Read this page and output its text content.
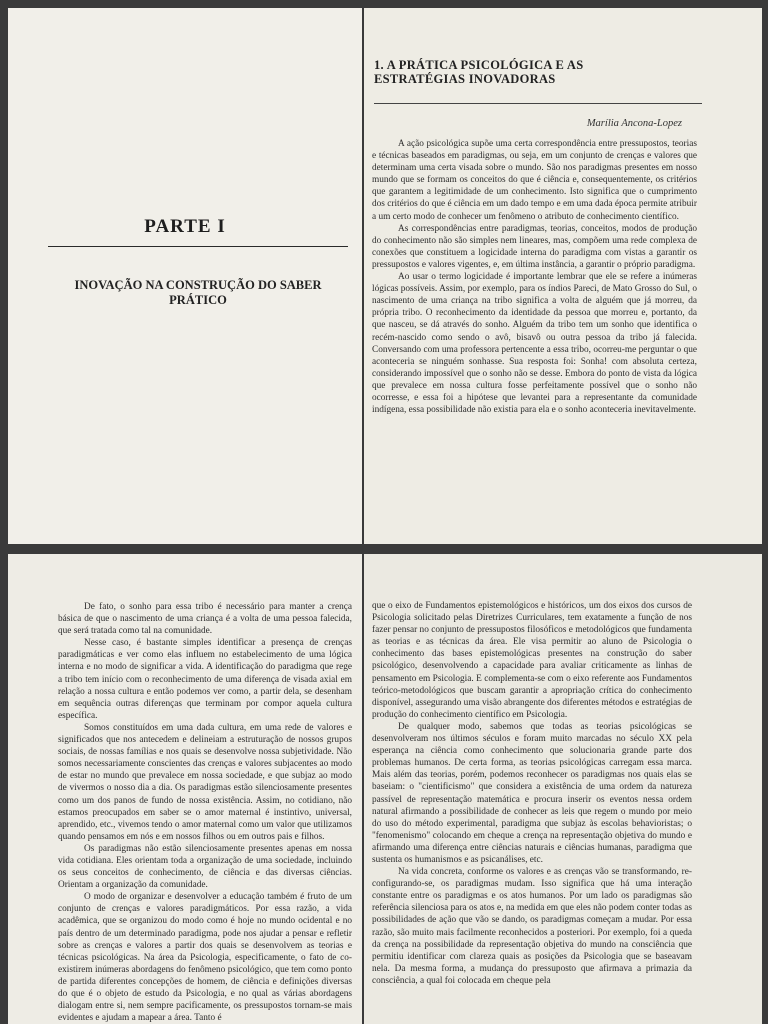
PARTE I
INOVAÇÃO NA CONSTRUÇÃO DO SABER PRÁTICO
1. A PRÁTICA PSICOLÓGICA E AS ESTRATÉGIAS INOVADORAS
Marília Ancona-Lopez

A ação psicológica supõe uma certa correspondência entre pressupostos, teorias e técnicas baseados em paradigmas, ou seja, em um conjunto de crenças e valores que determinam uma certa visada sobre o mundo. São nos paradigmas presentes em nosso mundo que se formam os conceitos do que é ciência e, consequentemente, os critérios que garantem a legitimidade de um conhecimento. Isto significa que o cumprimento dos critérios do que é ciência em um dado tempo e em uma dada época permite atribuir a um certo modo de conhecer um fenômeno o atributo de conhecimento científico.

As correspondências entre paradigmas, teorias, conceitos, modos de produção do conhecimento não são simples nem lineares, mas, compõem uma rede complexa de conexões que constituem a logicidade interna do paradigma com vistas a garantir os pressupostos e valores vigentes, e, em última instância, a garantir o próprio paradigma.

Ao usar o termo logicidade é importante lembrar que ele se refere a inúmeras lógicas possíveis. Assim, por exemplo, para os índios Pareci, de Mato Grosso do Sul, o nascimento de uma criança na tribo significa a volta de alguém que já morreu, da própria tribo. O reconhecimento da identidade da pessoa que morreu e, portanto, da que nasceu, se dá através do sonho. Alguém da tribo tem um sonho que identifica o recém-nascido como sendo o avô, bisavô ou outra pessoa da tribo já falecida. Conversando com uma professora pertencente a essa tribo, ocorreu-me perguntar o que aconteceria se ninguém sonhasse. Sua resposta foi: Sonha! com absoluta certeza, considerando impossível que o sonho não se desse. Embora do ponto de vista da lógica que prevalece em nossa cultura fosse perfeitamente possível que o sonho não ocorresse, e essa foi a hipótese que levantei para a representante da comunidade indígena, essa possibilidade não existia para ela e o sonho aconteceria inevitavelmente.

De fato, o sonho para essa tribo é necessário para manter a crença básica de que o nascimento de uma criança é a volta de uma pessoa falecida, que será tratada como tal na comunidade.

Nesse caso, é bastante simples identificar a presença de crenças paradigmáticas e ver como elas influem no estabelecimento de uma lógica interna e no modo de significar a vida. A identificação do paradigma que rege a tribo tem início com o reconhecimento de uma diferença de visada axial em relação a nossa cultura e então podemos ver como, a partir dela, se desenham em sequência outras diferenças que terminam por compor aquela cultura específica.

Somos constituídos em uma dada cultura, em uma rede de valores e significados que nos antecedem e delineiam a estruturação de nossos grupos sociais, de nossas famílias e nos quais se desenvolve nossa subjetividade. Não somos necessariamente conscientes das crenças e valores subjacentes ao modo de estar no mundo que prevalece em nossa sociedade, e que subjaz ao modo de vivermos o nosso dia a dia. Os paradigmas estão silenciosamente presentes como um dos panos de fundo de nossa existência. Assim, no cotidiano, não estamos preocupados em saber se o amor maternal é instintivo, universal, aprendido, etc., vivemos tendo o amor maternal como um valor que utilizamos quando pensamos em nós e em nossos filhos ou em outros pais e filhos.

Os paradigmas não estão silenciosamente presentes apenas em nossa vida cotidiana. Eles orientam toda a organização de uma sociedade, incluindo os seus conceitos de conhecimento, de ciência e das diversas ciências. Orientam a organização da comunidade.

O modo de organizar e desenvolver a educação também é fruto de um conjunto de crenças e valores paradigmáticos. Por essa razão, a vida acadêmica, que se organizou do modo como é hoje no mundo ocidental e no país dentro de um determinado paradigma, pode nos ajudar a pensar e refletir sobre as crenças e valores a partir dos quais se desenvolvem as teorias e técnicas psicológicas. Na área da Psicologia, especificamente, o fato de co-existirem inúmeras abordagens do fenômeno psicológico, que tem como ponto de partida diferentes concepções de homem, de ciência e definições diversas do que é o objeto de estudo da Psicologia, e no qual as várias abordagens dialogam entre si, nem sempre pacificamente, os pressupostos tornam-se mais evidentes e ajudam a mapear a área. Tanto é

que o eixo de Fundamentos epistemológicos e históricos, um dos eixos dos cursos de Psicologia solicitado pelas Diretrizes Curriculares, tem exatamente a função de nos fazer pensar no conjunto de pressupostos filosóficos e metodológicos que fundamenta as teorias e as técnicas da área. Ele visa permitir ao aluno de Psicologia o conhecimento das bases epistemológicas presentes na construção do saber psicológico, desenvolvendo a capacidade para avaliar criticamente as linhas de pensamento em Psicologia. E complementa-se com o eixo referente aos Fundamentos teórico-metodológicos que buscam garantir a apropriação crítica do conhecimento disponível, assegurando uma visão abrangente dos diferentes métodos e estratégias de produção do conhecimento científico em Psicologia.

De qualquer modo, sabemos que todas as teorias psicológicas se desenvolveram nos últimos séculos e foram muito marcadas no século XX pela esperança na ciência como conhecimento que solucionaria grande parte dos problemas humanos. De certa forma, as teorias psicológicas carregam essa marca. Mais além das teorias, porém, podemos reconhecer os paradigmas nos quais elas se baseiam: o "cientificismo" que considera a existência de uma ordem da natureza passível de representação matemática e procura inserir os eventos nessa ordem natural afirmando a possibilidade de conhecer as leis que regem o mundo por meio do uso do método experimental, paradigma que subjaz às escolas behavioristas; o "fenomenismo" colocando em cheque a crença na representação objetiva do mundo e afirmando uma diferença entre ciências naturais e ciências humanas, paradigma que sustenta os humanismos e as psicanálises, etc.

Na vida concreta, conforme os valores e as crenças vão se transformando, re-configurando-se, os paradigmas mudam. Isso significa que há uma interação constante entre os paradigmas e os atos humanos. Por um lado os paradigmas são referência silenciosa para os atos e, na medida em que eles não podem conter todas as possibilidades de ação que vão se dando, os paradigmas começam a mudar. Por essa razão, são muito mais facilmente reconhecidos a posteriori. Por exemplo, foi a queda da crença na possibilidade da representação objetiva do mundo na consciência que permitiu identificar com clareza quais as posições da Psicologia que se baseavam nela. Da mesma forma, a mudança do pressuposto que afirmava a primazia da consciência, a qual foi colocada em cheque pela
